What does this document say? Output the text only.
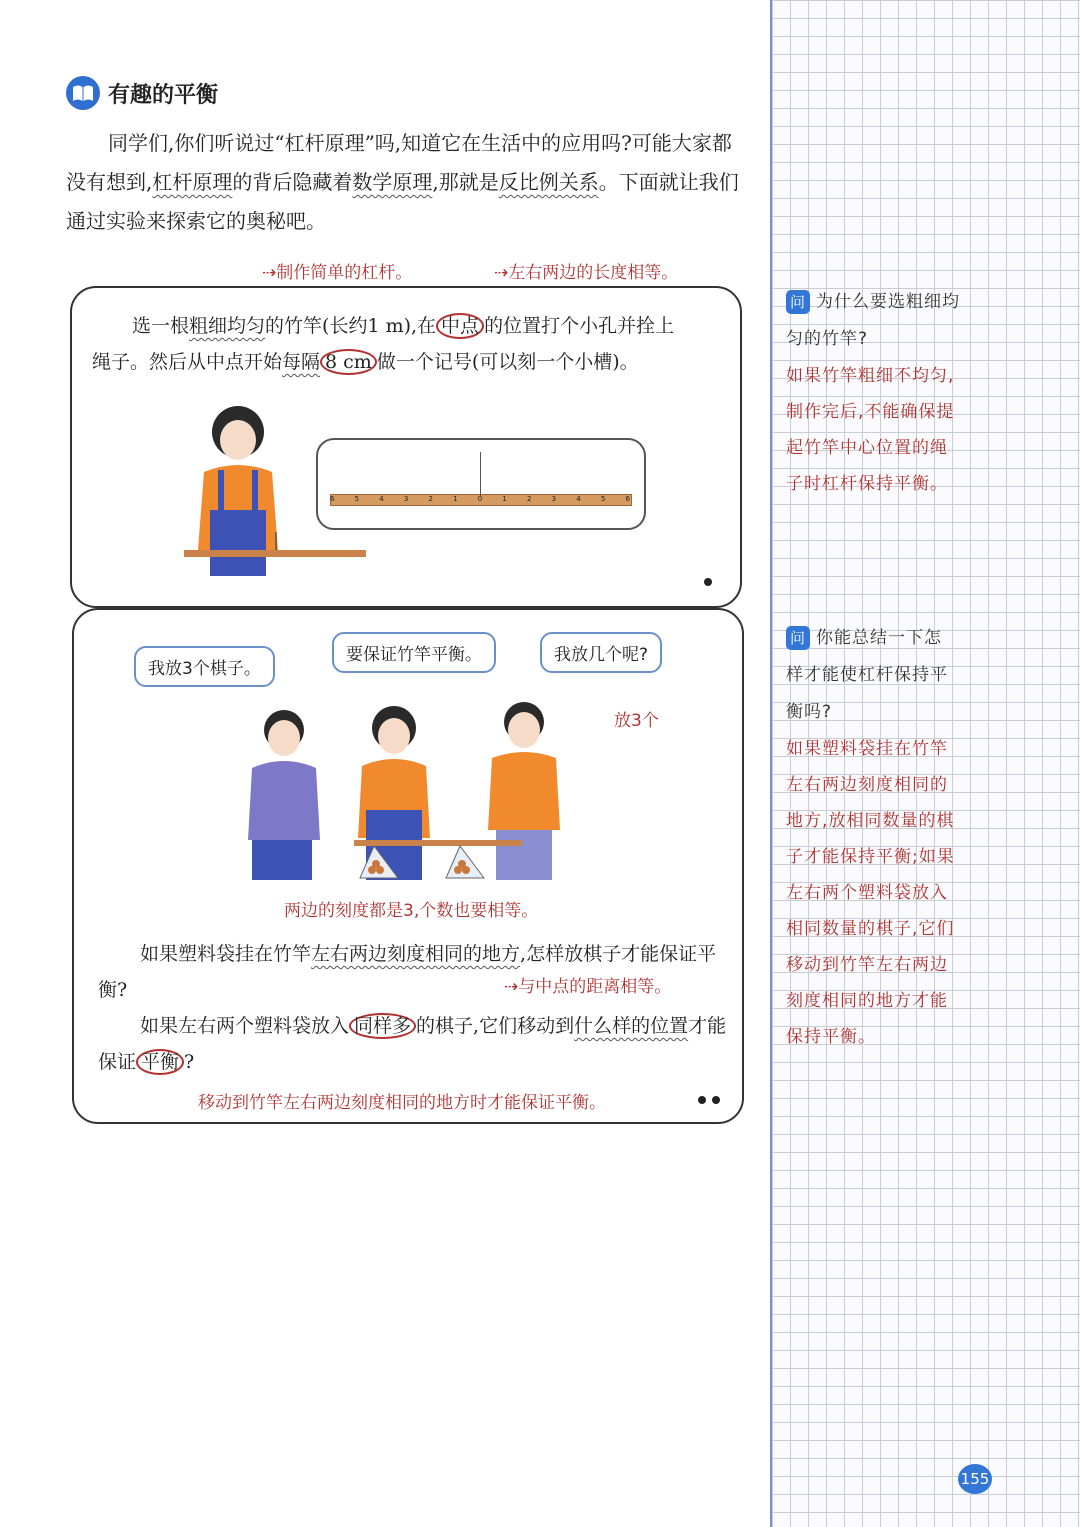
有趣的平衡
同学们,你们听说过“杠杆原理”吗,知道它在生活中的应用吗?可能大家都没有想到,杠杆原理的背后隐藏着数学原理,那就是反比例关系。下面就让我们通过实验来探索它的奥秘吧。
⇢制作简单的杠杆。	⇢左右两边的长度相等。
选一根粗细均匀的竹竿(长约1 m),在 中点 的位置打个小孔并拴上
绳子。然后从中点开始每隔 8 cm 做一个记号(可以刻一个小槽)。
6	5	4	3	2	1	0	1	2	3	4	5	6
我放3个棋子。
要保证竹竿平衡。	我放几个呢?
放3个
两边的刻度都是3,个数也要相等。
如果塑料袋挂在竹竿左右两边刻度相同的地方,怎样放棋子才能保证平衡?	⇢与中点的距离相等。
如果左右两个塑料袋放入 同样多 的棋子,它们移动到什么样的位置才能保证 平衡 ?
移动到竹竿左右两边刻度相同的地方时才能保证平衡。
问 为什么要选粗细均
匀的竹竿?
如果竹竿粗细不均匀,
制作完后,不能确保提
起竹竿中心位置的绳
子时杠杆保持平衡。
问 你能总结一下怎
样才能使杠杆保持平
衡吗?
如果塑料袋挂在竹竿
左右两边刻度相同的
地方,放相同数量的棋
子才能保持平衡;如果
左右两个塑料袋放入
相同数量的棋子,它们
移动到竹竿左右两边
刻度相同的地方才能
保持平衡。
155
